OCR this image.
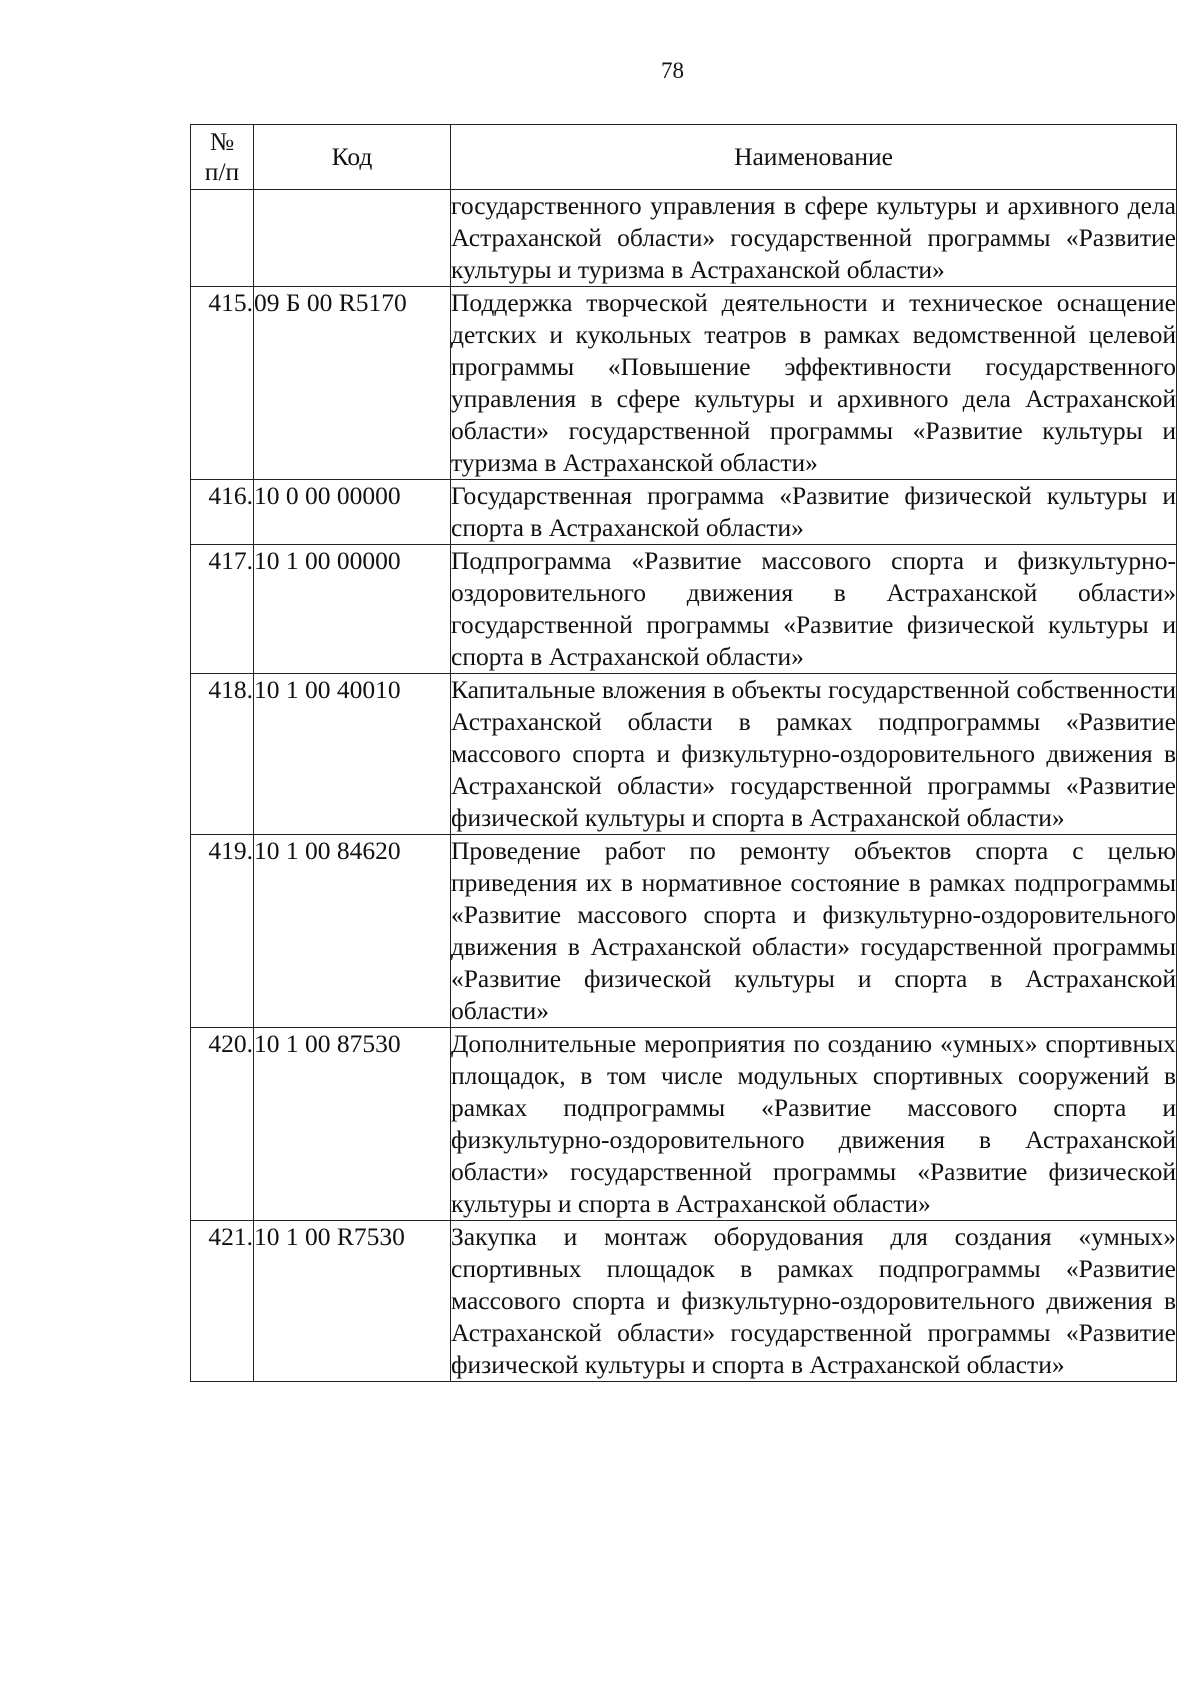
78
№
п/п	Код	Наименование
		государственного управления в сфере культуры и архивного дела Астраханской области» государственной программы «Развитие культуры и туризма в Астраханской области»
415.	09 Б 00 R5170	Поддержка творческой деятельности и техническое оснащение детских и кукольных театров в рамках ведомственной целевой программы «Повышение эффективности государственного управления в сфере культуры и архивного дела Астраханской области» государственной программы «Развитие культуры и туризма в Астраханской области»
416.	10 0 00 00000	Государственная программа «Развитие физической культуры и спорта в Астраханской области»
417.	10 1 00 00000	Подпрограмма «Развитие массового спорта и физкультурно-оздоровительного движения в Астраханской области» государственной программы «Развитие физической культуры и спорта в Астраханской области»
418.	10 1 00 40010	Капитальные вложения в объекты государственной собственности Астраханской области в рамках подпрограммы «Развитие массового спорта и физкультурно-оздоровительного движения в Астраханской области» государственной программы «Развитие физической культуры и спорта в Астраханской области»
419.	10 1 00 84620	Проведение работ по ремонту объектов спорта с целью приведения их в нормативное состояние в рамках подпрограммы «Развитие массового спорта и физкультурно-оздоровительного движения в Астраханской области» государственной программы «Развитие физической культуры и спорта в Астраханской области»
420.	10 1 00 87530	Дополнительные мероприятия по созданию «умных» спортивных площадок, в том числе модульных спортивных сооружений в рамках подпрограммы «Развитие массового спорта и физкультурно-оздоровительного движения в Астраханской области» государственной программы «Развитие физической культуры и спорта в Астраханской области»
421.	10 1 00 R7530	Закупка и монтаж оборудования для создания «умных» спортивных площадок в рамках подпрограммы «Развитие массового спорта и физкультурно-оздоровительного движения в Астраханской области» государственной программы «Развитие физической культуры и спорта в Астраханской области»
